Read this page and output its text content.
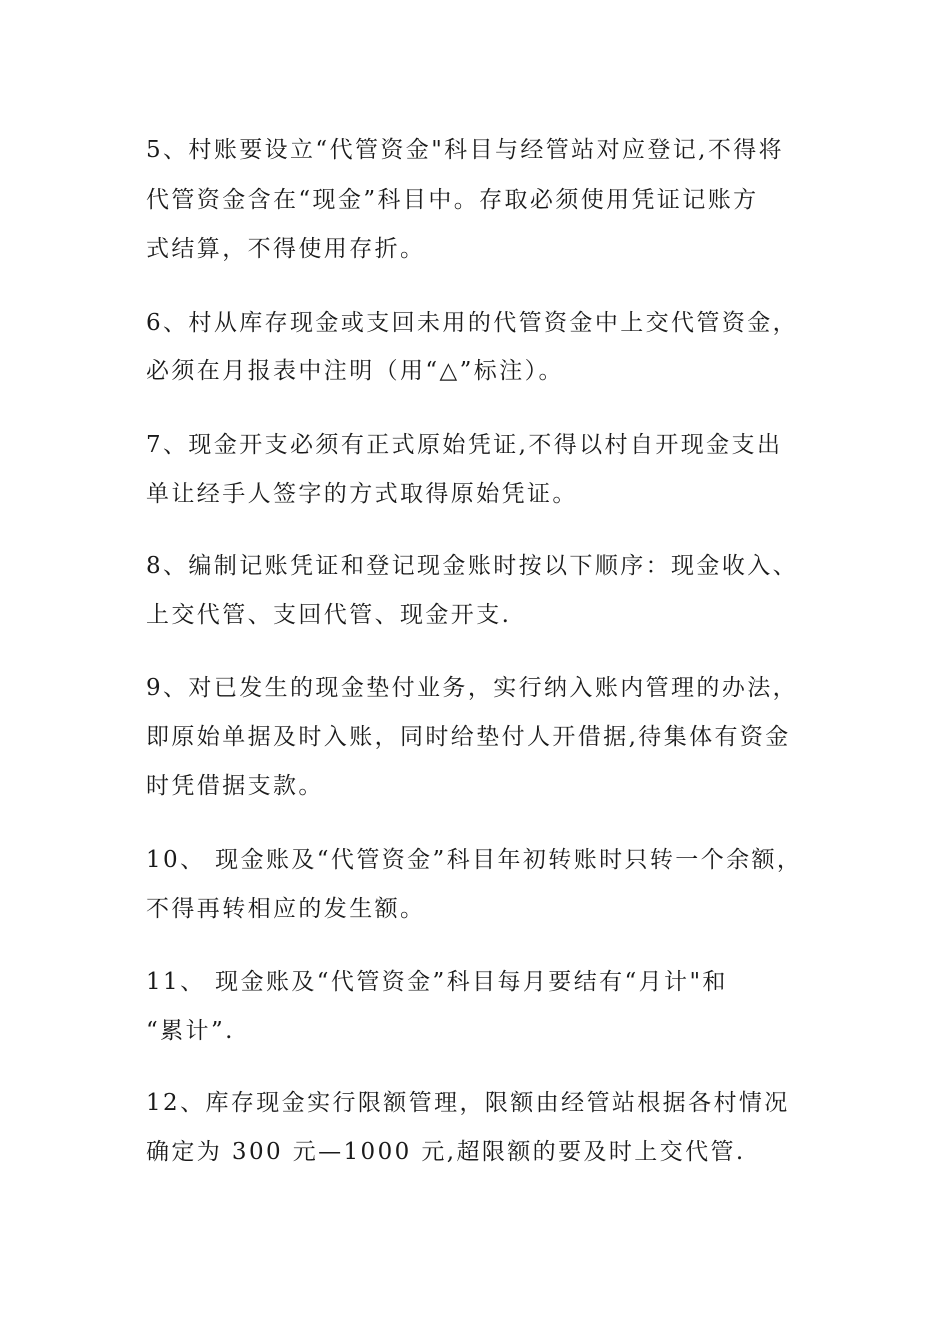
5、村账要设立“代管资金"科目与经管站对应登记,不得将
代管资金含在“现金”科目中。存取必须使用凭证记账方
式结算，不得使用存折。
6、村从库存现金或支回未用的代管资金中上交代管资金，
必须在月报表中注明（用“△”标注）。
7、现金开支必须有正式原始凭证,不得以村自开现金支出
单让经手人签字的方式取得原始凭证。
8、编制记账凭证和登记现金账时按以下顺序：现金收入、
上交代管、支回代管、现金开支.
9、对已发生的现金垫付业务，实行纳入账内管理的办法，
即原始单据及时入账，同时给垫付人开借据,待集体有资金
时凭借据支款。
10、 现金账及“代管资金”科目年初转账时只转一个余额，
不得再转相应的发生额。
11、 现金账及“代管资金”科目每月要结有“月计"和
“累计”.
12、库存现金实行限额管理，限额由经管站根据各村情况
确定为 300 元—1000 元,超限额的要及时上交代管.
